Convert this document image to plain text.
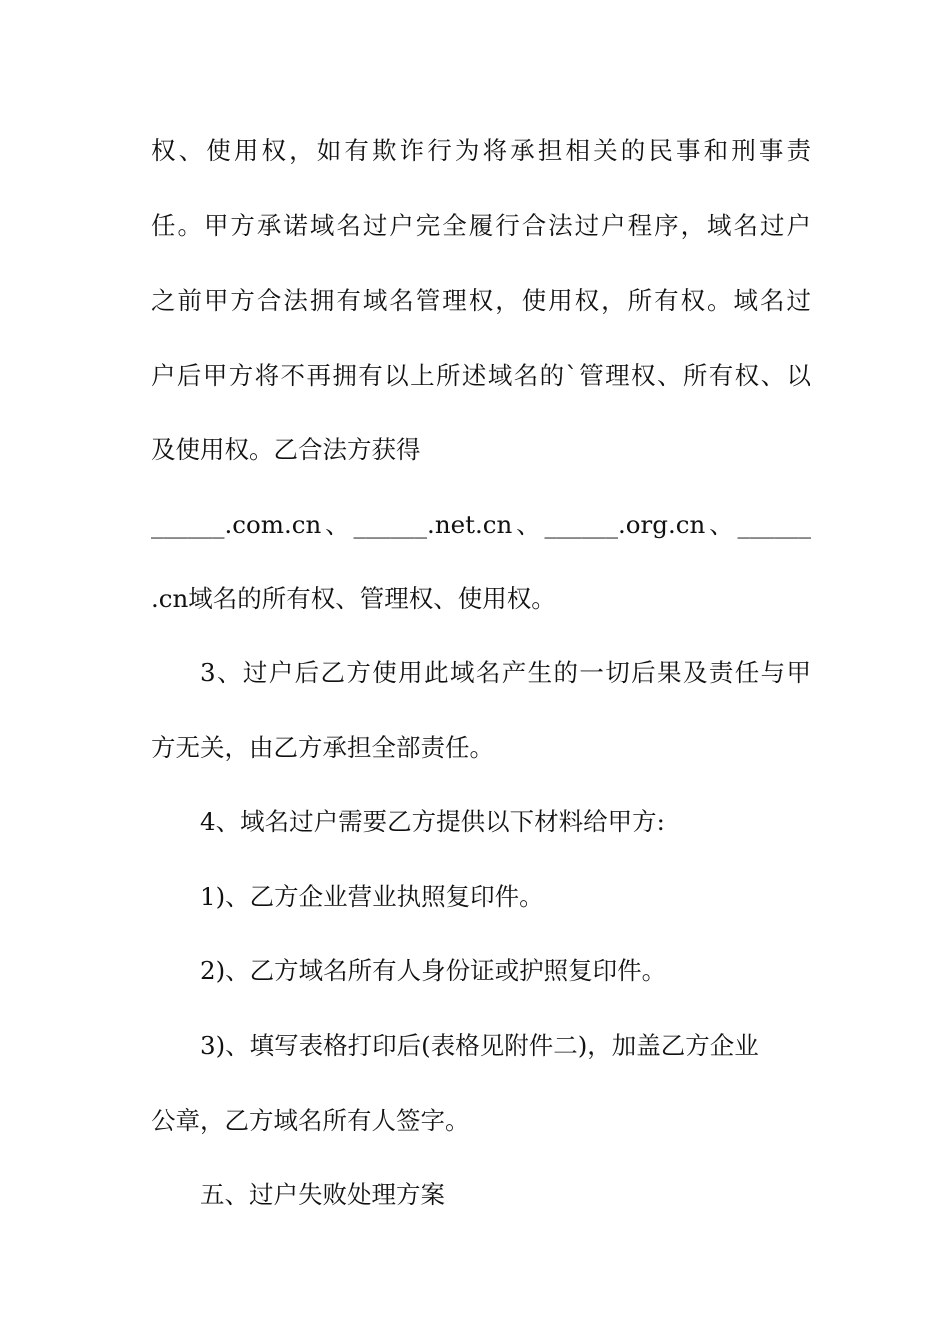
权、使用权，如有欺诈行为将承担相关的民事和刑事责
任。甲方承诺域名过户完全履行合法过户程序，域名过户
之前甲方合法拥有域名管理权，使用权，所有权。域名过
户后甲方将不再拥有以上所述域名的`管理权、所有权、以
及使用权。乙合法方获得
______.com.cn、______.net.cn、______.org.cn、______
.cn域名的所有权、管理权、使用权。
3、过户后乙方使用此域名产生的一切后果及责任与甲
方无关，由乙方承担全部责任。
4、域名过户需要乙方提供以下材料给甲方:
1)、乙方企业营业执照复印件。
2)、乙方域名所有人身份证或护照复印件。
3)、填写表格打印后(表格见附件二)，加盖乙方企业
公章，乙方域名所有人签字。
五、过户失败处理方案
